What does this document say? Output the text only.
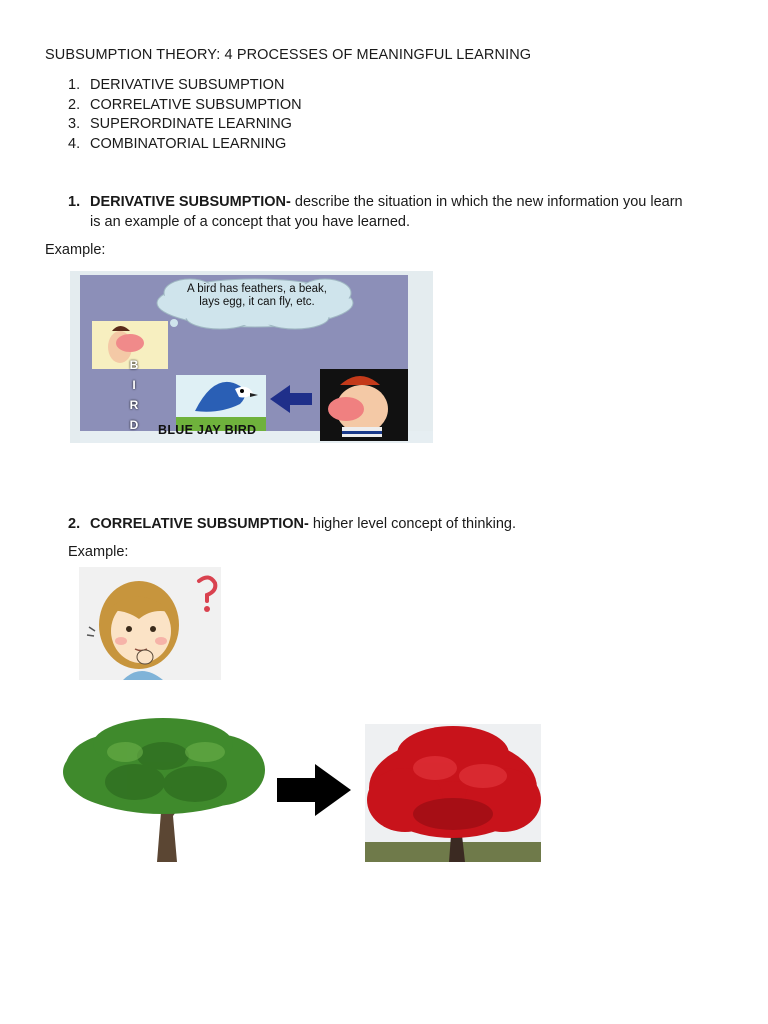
SUBSUMPTION THEORY: 4 PROCESSES OF MEANINGFUL LEARNING
1. DERIVATIVE SUBSUMPTION
2. CORRELATIVE SUBSUMPTION
3. SUPERORDINATE LEARNING
4. COMBINATORIAL LEARNING
1. DERIVATIVE SUBSUMPTION- describe the situation in which the new information you learn
is an example of a concept that you have learned.
Example:
A bird has feathers, a beak, lays egg, it can fly, etc.
B
I
R
D BLUE JAY BIRD
2. CORRELATIVE SUBSUMPTION- higher level concept of thinking.
Example:
